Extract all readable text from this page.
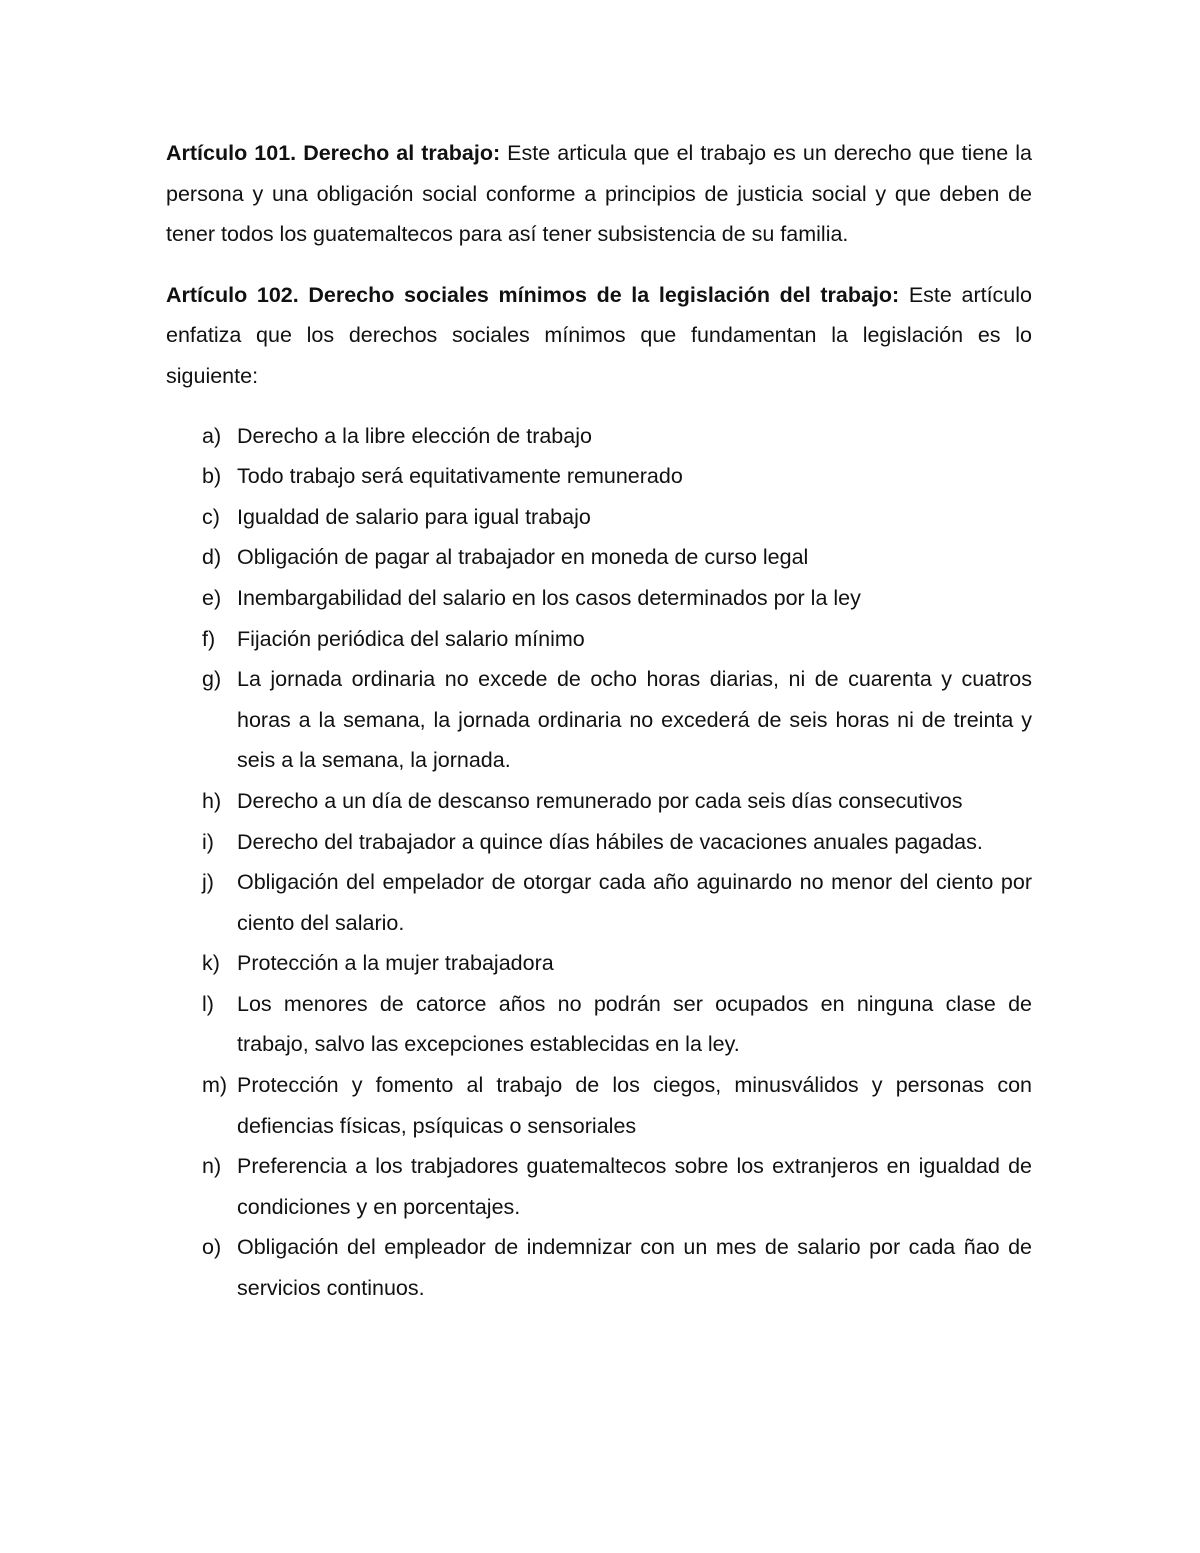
Artículo 101. Derecho al trabajo: Este articula que el trabajo es un derecho que tiene la persona y una obligación social conforme a principios de justicia social y que deben de tener todos los guatemaltecos para así tener subsistencia de su familia.

Artículo 102. Derecho sociales mínimos de la legislación del trabajo: Este artículo enfatiza que los derechos sociales mínimos que fundamentan la legislación es lo siguiente:

a) Derecho a la libre elección de trabajo
b) Todo trabajo será equitativamente remunerado
c) Igualdad de salario para igual trabajo
d) Obligación de pagar al trabajador en moneda de curso legal
e) Inembargabilidad del salario en los casos determinados por la ley
f) Fijación periódica del salario mínimo
g) La jornada ordinaria no excede de ocho horas diarias, ni de cuarenta y cuatros horas a la semana, la jornada ordinaria no excederá de seis horas ni de treinta y seis a la semana, la jornada.
h) Derecho a un día de descanso remunerado por cada seis días consecutivos
i) Derecho del trabajador a quince días hábiles de vacaciones anuales pagadas.
j) Obligación del empelador de otorgar cada año aguinardo no menor del ciento por ciento del salario.
k) Protección a la mujer trabajadora
l) Los menores de catorce años no podrán ser ocupados en ninguna clase de trabajo, salvo las excepciones establecidas en la ley.
m) Protección y fomento al trabajo de los ciegos, minusválidos y personas con defiencias físicas, psíquicas o sensoriales
n) Preferencia a los trabjadores guatemaltecos sobre los extranjeros en igualdad de condiciones y en porcentajes.
o) Obligación del empleador de indemnizar con un mes de salario por cada ñao de servicios continuos.
